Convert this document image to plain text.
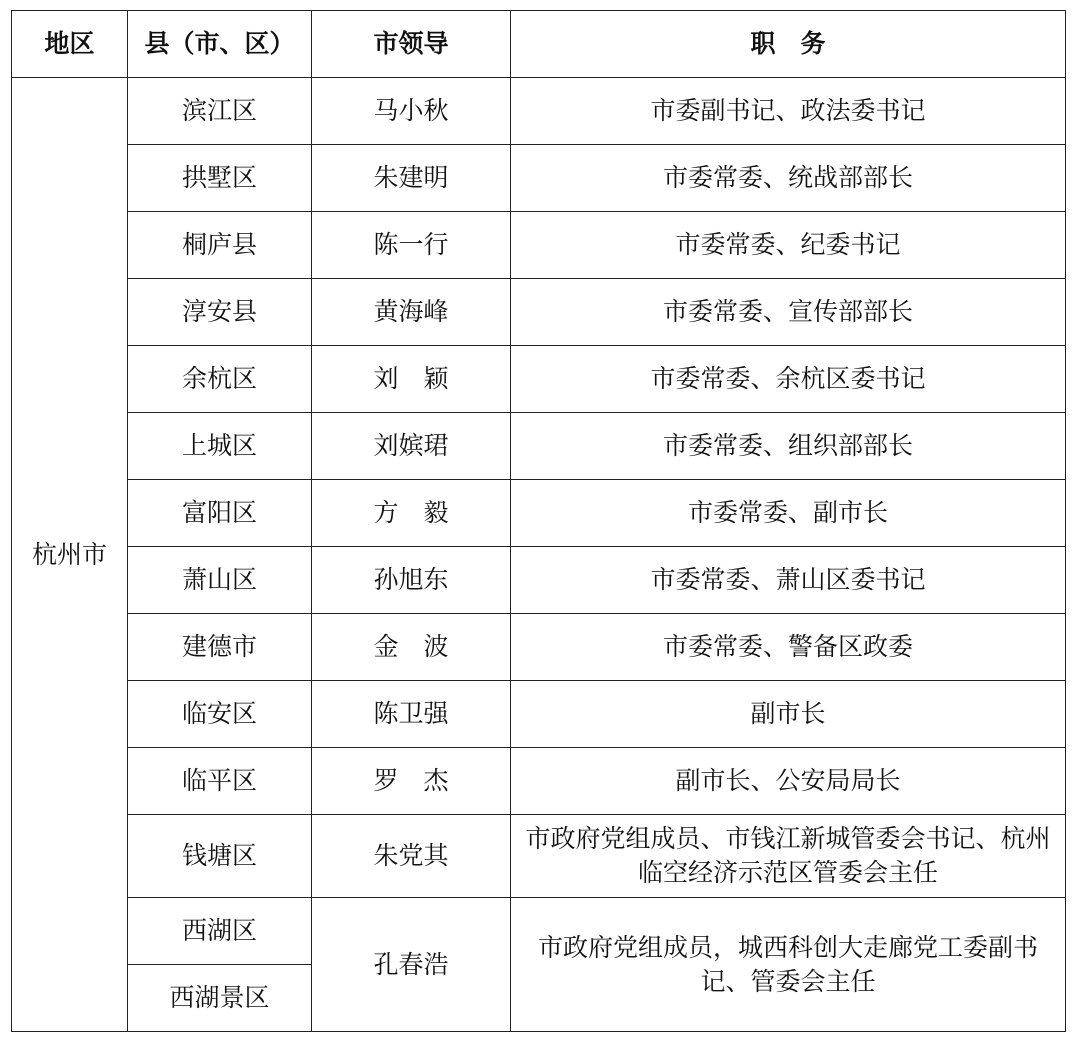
地区	县（市、区）	市领导	职　务
杭州市	滨江区	马小秋	市委副书记、政法委书记
	拱墅区	朱建明	市委常委、统战部部长
	桐庐县	陈一行	市委常委、纪委书记
	淳安县	黄海峰	市委常委、宣传部部长
	余杭区	刘　颖	市委常委、余杭区委书记
	上城区	刘嫔珺	市委常委、组织部部长
	富阳区	方　毅	市委常委、副市长
	萧山区	孙旭东	市委常委、萧山区委书记
	建德市	金　波	市委常委、警备区政委
	临安区	陈卫强	副市长
	临平区	罗　杰	副市长、公安局局长
	钱塘区	朱党其	市政府党组成员、市钱江新城管委会书记、杭州临空经济示范区管委会主任
	西湖区	孔春浩	市政府党组成员，城西科创大走廊党工委副书记、管委会主任
	西湖景区		
